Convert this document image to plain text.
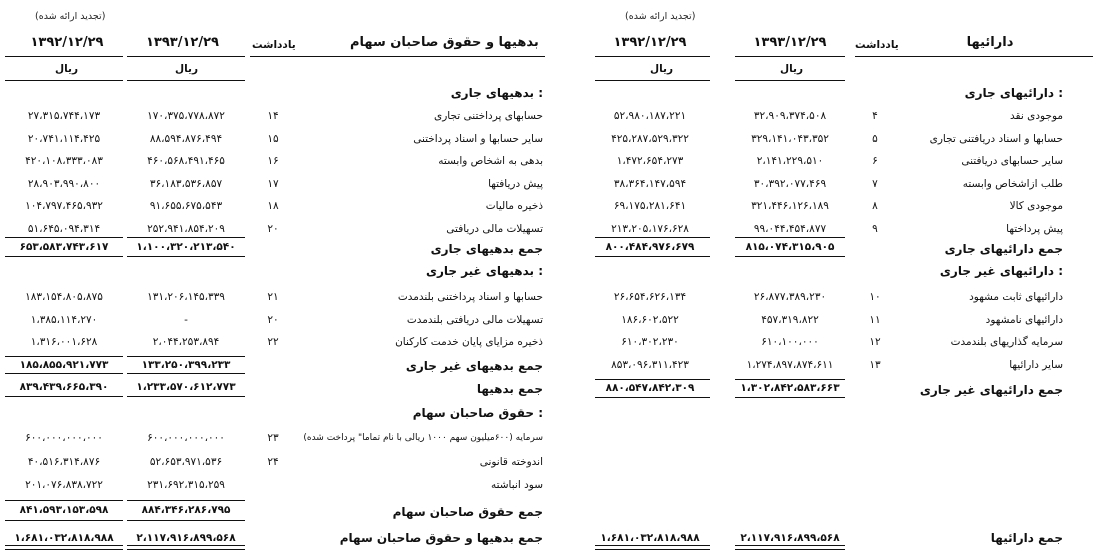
(تجدید ارائه شده)
۱۳۹۲/۱۲/۲۹	۱۳۹۳/۱۲/۲۹	یادداشت	دارائیها
ریال	ریال
دارائیهای جاری :
۵۲،۹۸۰،۱۸۷،۲۲۱	۳۲،۹۰۹،۳۷۴،۵۰۸	۴	موجودی نقد
۴۲۵،۲۸۷،۵۲۹،۳۲۲	۳۲۹،۱۴۱،۰۴۳،۳۵۲	۵	حسابها و اسناد دریافتنی تجاری
۱،۴۷۲،۶۵۴،۲۷۳	۲،۱۴۱،۲۲۹،۵۱۰	۶	سایر حسابهای دریافتنی
۳۸،۳۶۴،۱۴۷،۵۹۴	۳۰،۳۹۲،۰۷۷،۴۶۹	۷	طلب ازاشخاص وابسته
۶۹،۱۷۵،۲۸۱،۶۴۱	۳۲۱،۴۴۶،۱۲۶،۱۸۹	۸	موجودی کالا
۲۱۳،۲۰۵،۱۷۶،۶۲۸	۹۹،۰۴۴،۴۵۴،۸۷۷	۹	پیش پرداختها
۸۰۰،۴۸۴،۹۷۶،۶۷۹	۸۱۵،۰۷۴،۳۱۵،۹۰۵	جمع دارائیهای جاری
دارائیهای غیر جاری :
۲۶،۶۵۴،۶۲۶،۱۳۴	۲۶،۸۷۷،۳۸۹،۲۳۰	۱۰	دارائیهای ثابت مشهود
۱۸۶،۶۰۲،۵۲۲	۴۵۷،۳۱۹،۸۲۲	۱۱	دارائیهای نامشهود
۶۱۰،۳۰۲،۲۳۰	۶۱۰،۱۰۰،۰۰۰	۱۲	سرمایه گذاریهای بلندمدت
۸۵۳،۰۹۶،۳۱۱،۴۲۳	۱،۲۷۴،۸۹۷،۸۷۴،۶۱۱	۱۳	سایر دارائیها
۸۸۰،۵۴۷،۸۴۲،۳۰۹	۱،۳۰۲،۸۴۲،۵۸۳،۶۶۳	جمع دارائیهای غیر جاری
۱،۶۸۱،۰۳۲،۸۱۸،۹۸۸	۲،۱۱۷،۹۱۶،۸۹۹،۵۶۸	جمع دارائیها
(تجدید ارائه شده)
۱۳۹۲/۱۲/۲۹	۱۳۹۳/۱۲/۲۹	یادداشت	بدهیها و حقوق صاحبان سهام
ریال	ریال
بدهیهای جاری :
۲۷،۳۱۵،۷۴۴،۱۷۳	۱۷۰،۳۷۵،۷۷۸،۸۷۲	۱۴	حسابهای پرداختنی تجاری
۲۰،۷۴۱،۱۱۴،۴۲۵	۸۸،۵۹۴،۸۷۶،۴۹۴	۱۵	سایر حسابها و اسناد پرداختنی
۴۲۰،۱۰۸،۳۳۳،۰۸۳	۴۶۰،۵۶۸،۴۹۱،۴۶۵	۱۶	بدهی به اشخاص وابسته
۲۸،۹۰۳،۹۹۰،۸۰۰	۳۶،۱۸۳،۵۳۶،۸۵۷	۱۷	پیش دریافتها
۱۰۴،۷۹۷،۴۶۵،۹۳۲	۹۱،۶۵۵،۶۷۵،۵۴۳	۱۸	ذخیره مالیات
۵۱،۶۴۵،۰۹۴،۳۱۴	۲۵۲،۹۴۱،۸۵۴،۲۰۹	۲۰	تسهیلات مالی دریافتی
۶۵۳،۵۸۳،۷۴۳،۶۱۷	۱،۱۰۰،۳۲۰،۲۱۳،۵۴۰	جمع بدهیهای جاری
بدهیهای غیر جاری :
۱۸۳،۱۵۴،۸۰۵،۸۷۵	۱۳۱،۲۰۶،۱۴۵،۳۳۹	۲۱	حسابها و اسناد پرداختنی بلندمدت
۱،۳۸۵،۱۱۴،۲۷۰	-	۲۰	تسهیلات مالی دریافتی بلندمدت
۱،۳۱۶،۰۰۱،۶۲۸	۲،۰۴۴،۲۵۳،۸۹۴	۲۲	ذخیره مزایای پایان خدمت کارکنان
۱۸۵،۸۵۵،۹۲۱،۷۷۳	۱۳۳،۲۵۰،۳۹۹،۲۳۳	جمع بدهیهای غیر جاری
۸۳۹،۴۳۹،۶۶۵،۳۹۰	۱،۲۳۳،۵۷۰،۶۱۲،۷۷۳	جمع بدهیها
حقوق صاحبان سهام :
۶۰۰،۰۰۰،۰۰۰،۰۰۰	۶۰۰،۰۰۰،۰۰۰،۰۰۰	۲۳	سرمایه (۶۰۰میلیون سهم ۱۰۰۰ ریالی با نام تماما" پرداخت شده)
۴۰،۵۱۶،۳۱۴،۸۷۶	۵۲،۶۵۳،۹۷۱،۵۳۶	۲۴	اندوخته قانونی
۲۰۱،۰۷۶،۸۳۸،۷۲۲	۲۳۱،۶۹۲،۳۱۵،۲۵۹	سود انباشته
۸۴۱،۵۹۳،۱۵۳،۵۹۸	۸۸۴،۳۴۶،۲۸۶،۷۹۵	جمع حقوق صاحبان سهام
۱،۶۸۱،۰۳۲،۸۱۸،۹۸۸	۲،۱۱۷،۹۱۶،۸۹۹،۵۶۸	جمع بدهیها و حقوق صاحبان سهام
